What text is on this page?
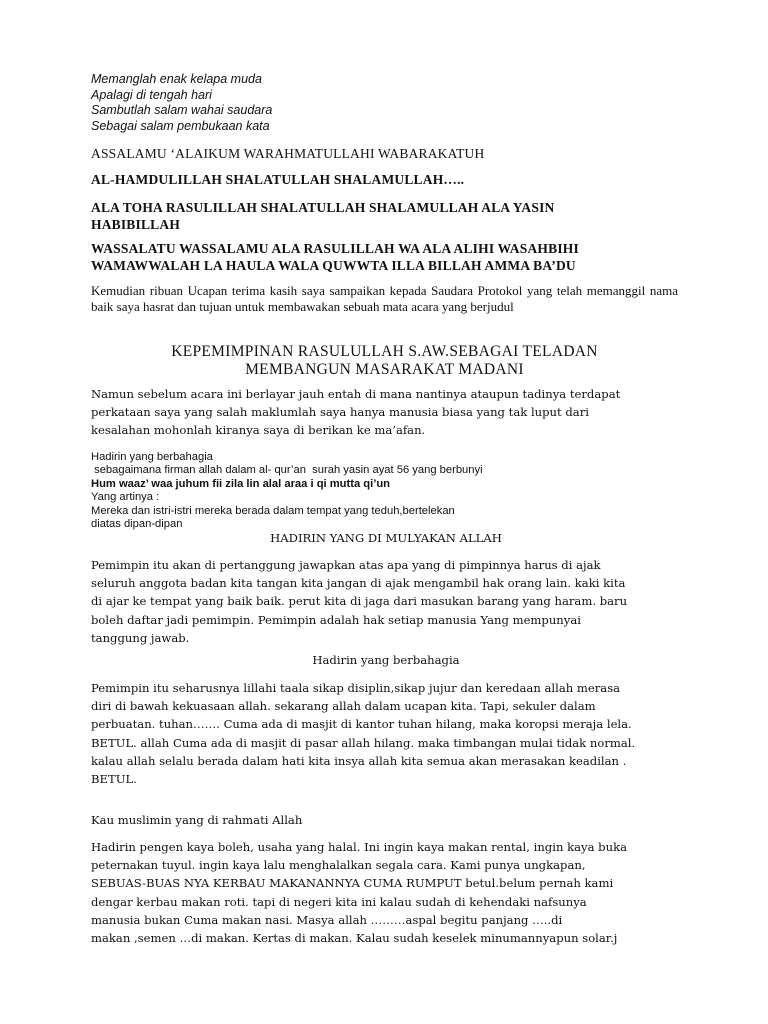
Memanglah enak kelapa muda
Apalagi di tengah hari
Sambutlah salam wahai saudara
Sebagai salam pembukaan kata
ASSALAMU ‘ALAIKUM WARAHMATULLAHI WABARAKATUH
AL-HAMDULILLAH SHALATULLAH SHALAMULLAH…..
ALA TOHA RASULILLAH SHALATULLAH SHALAMULLAH ALA YASIN
HABIBILLAH
WASSALATU WASSALAMU ALA RASULILLAH WA ALA ALIHI WASAHBIHI
WAMAWWALAH LA HAULA WALA QUWWTA ILLA BILLAH AMMA BA’DU
Kemudian ribuan Ucapan terima kasih saya sampaikan kepada Saudara Protokol yang telah memanggil nama baik saya hasrat dan tujuan untuk membawakan sebuah mata acara yang berjudul
KEPEMIMPINAN RASULULLAH S.AW.SEBAGAI TELADAN
MEMBANGUN MASARAKAT MADANI
Namun sebelum acara ini berlayar jauh entah di mana nantinya ataupun tadinya terdapat
perkataan saya yang salah maklumlah saya hanya manusia biasa yang tak luput dari
kesalahan mohonlah kiranya saya di berikan ke ma’afan.
Hadirin yang berbahagia
sebagaimana firman allah dalam al- qur’an  surah yasin ayat 56 yang berbunyi
Hum waaz’ waa juhum fii zila lin alal araa i qi mutta qi’un
Yang artinya :
Mereka dan istri-istri mereka berada dalam tempat yang teduh,bertelekan
diatas dipan-dipan
HADIRIN YANG DI MULYAKAN ALLAH
Pemimpin itu akan di pertanggung jawapkan atas apa yang di pimpinnya harus di ajak
seluruh anggota badan kita tangan kita jangan di ajak mengambil hak orang lain. kaki kita
di ajar ke tempat yang baik baik. perut kita di jaga dari masukan barang yang haram. baru
boleh daftar jadi pemimpin. Pemimpin adalah hak setiap manusia Yang mempunyai
tanggung jawab.
Hadirin yang berbahagia
Pemimpin itu seharusnya lillahi taala sikap disiplin,sikap jujur dan keredaan allah merasa
diri di bawah kekuasaan allah. sekarang allah dalam ucapan kita. Tapi, sekuler dalam
perbuatan. tuhan……. Cuma ada di masjit di kantor tuhan hilang, maka koropsi meraja lela.
BETUL. allah Cuma ada di masjit di pasar allah hilang. maka timbangan mulai tidak normal.
kalau allah selalu berada dalam hati kita insya allah kita semua akan merasakan keadilan .
BETUL.
Kau muslimin yang di rahmati Allah
Hadirin pengen kaya boleh, usaha yang halal. Ini ingin kaya makan rental, ingin kaya buka
peternakan tuyul. ingin kaya lalu menghalalkan segala cara. Kami punya ungkapan,
SEBUAS-BUAS NYA KERBAU MAKANANNYA CUMA RUMPUT betul.belum pernah kami
dengar kerbau makan roti. tapi di negeri kita ini kalau sudah di kehendaki nafsunya
manusia bukan Cuma makan nasi. Masya allah ………aspal begitu panjang …..di
makan ,semen …di makan. Kertas di makan. Kalau sudah keselek minumannyapun solar.j
